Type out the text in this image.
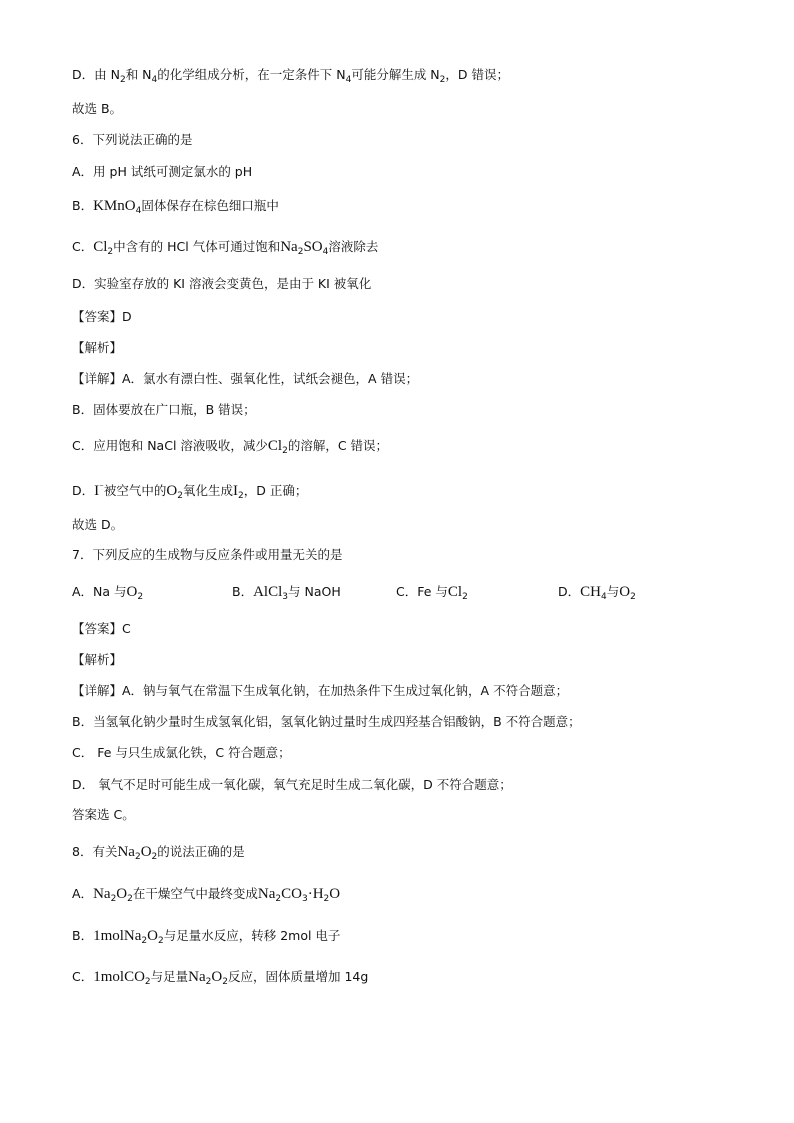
D．由 $N_2$和 $N_4$的化学组成分析，在一定条件下 $N_4$可能分解生成 $N_2$，D 错误；
故选 B。
6．下列说法正确的是
A．用 pH 试纸可测定氯水的 pH
B．KMnO$_4$固体保存在棕色细口瓶中
C．$Cl_2$中含有的 HCl 气体可通过饱和$Na_2SO_4$溶液除去
D．实验室存放的 KI 溶液会变黄色，是由于 KI 被氧化
【答案】D
【解析】
【详解】A．氯水有漂白性、强氧化性，试纸会褪色，A 错误；
B．固体要放在广口瓶，B 错误；
C．应用饱和 NaCl 溶液吸收，减少$Cl_2$的溶解，C 错误；
D．I⁻被空气中的$O_2$氧化生成$I_2$，D 正确；
故选 D。
7．下列反应的生成物与反应条件或用量无关的是
A．Na 与$O_2$	B．AlCl$_3$与 NaOH	C．Fe 与$Cl_2$	D．$CH_4$与$O_2$
【答案】C
【解析】
【详解】A．钠与氧气在常温下生成氧化钠，在加热条件下生成过氧化钠，A 不符合题意；
B．当氢氧化钠少量时生成氢氧化铝，氢氧化钠过量时生成四羟基合铝酸钠，B 不符合题意；
C． Fe 与只生成氯化铁，C 符合题意；
D． 氧气不足时可能生成一氧化碳，氧气充足时生成二氧化碳，D 不符合题意；
答案选 C。
8．有关$Na_2O_2$的说法正确的是
A．$Na_2O_2$在干燥空气中最终变成$Na_2CO_3\cdot H_2O$
B．$1molNa_2O_2$与足量水反应，转移 2mol 电子
C．1molCO$_2$与足量$Na_2O_2$反应，固体质量增加 14g
